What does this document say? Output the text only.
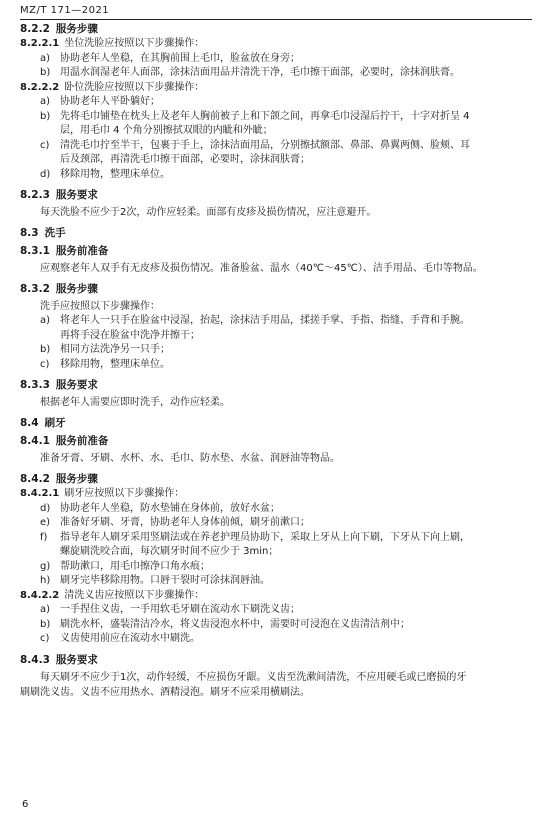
MZ/T 171—2021
8.2.2 服务步骤
8.2.2.1 坐位洗脸应按照以下步骤操作：
a) 协助老年人坐稳，在其胸前围上毛巾，脸盆放在身旁；
b) 用温水润湿老年人面部，涂抹洁面用品并清洗干净，毛巾擦干面部，必要时，涂抹润肤膏。
8.2.2.2 卧位洗脸应按照以下步骤操作：
a) 协助老年人平卧躺好；
b) 先将毛巾铺垫在枕头上及老年人胸前被子上和下颌之间，再拿毛巾浸湿后拧干，十字对折呈 4
层，用毛巾 4 个角分别擦拭双眼的内眦和外眦；
c) 清洗毛巾拧至半干，包裹于手上，涂抹洁面用品，分别擦拭额部、鼻部、鼻翼两侧、脸颊、耳
后及颈部，再清洗毛巾擦干面部，必要时，涂抹润肤膏；
d) 移除用物，整理床单位。
8.2.3 服务要求
每天洗脸不应少于2次，动作应轻柔。面部有皮疹及损伤情况，应注意避开。
8.3 洗手
8.3.1 服务前准备
应观察老年人双手有无皮疹及损伤情况。准备脸盆、温水（40℃～45℃）、洁手用品、毛巾等物品。
8.3.2 服务步骤
洗手应按照以下步骤操作：
a) 将老年人一只手在脸盆中浸湿，抬起，涂抹洁手用品，揉搓手掌、手指、指缝、手背和手腕。
再将手浸在脸盆中洗净并擦干；
b) 相同方法洗净另一只手；
c) 移除用物，整理床单位。
8.3.3 服务要求
根据老年人需要应即时洗手，动作应轻柔。
8.4 刷牙
8.4.1 服务前准备
准备牙膏、牙刷、水杯、水、毛巾、防水垫、水盆、润唇油等物品。
8.4.2 服务步骤
8.4.2.1 刷牙应按照以下步骤操作：
d) 协助老年人坐稳，防水垫铺在身体前，放好水盆；
e) 准备好牙刷、牙膏，协助老年人身体前倾，刷牙前漱口；
f) 指导老年人刷牙采用竖刷法或在养老护理员协助下，采取上牙从上向下刷，下牙从下向上刷，
螺旋刷洗咬合面，每次刷牙时间不应少于 3min；
g) 帮助漱口，用毛巾擦净口角水痕；
h) 刷牙完毕移除用物。口唇干裂时可涂抹润唇油。
8.4.2.2 清洗义齿应按照以下步骤操作：
a) 一手捏住义齿，一手用软毛牙刷在流动水下刷洗义齿；
b) 刷洗水杯，盛装清洁冷水，将义齿浸泡水杯中，需要时可浸泡在义齿清洁剂中；
c) 义齿使用前应在流动水中刷洗。
8.4.3 服务要求
每天刷牙不应少于1次，动作轻缓，不应损伤牙龈。义齿至洗漱间清洗，不应用硬毛或已磨损的牙
刷刷洗义齿。义齿不应用热水、酒精浸泡。刷牙不应采用横刷法。
6
